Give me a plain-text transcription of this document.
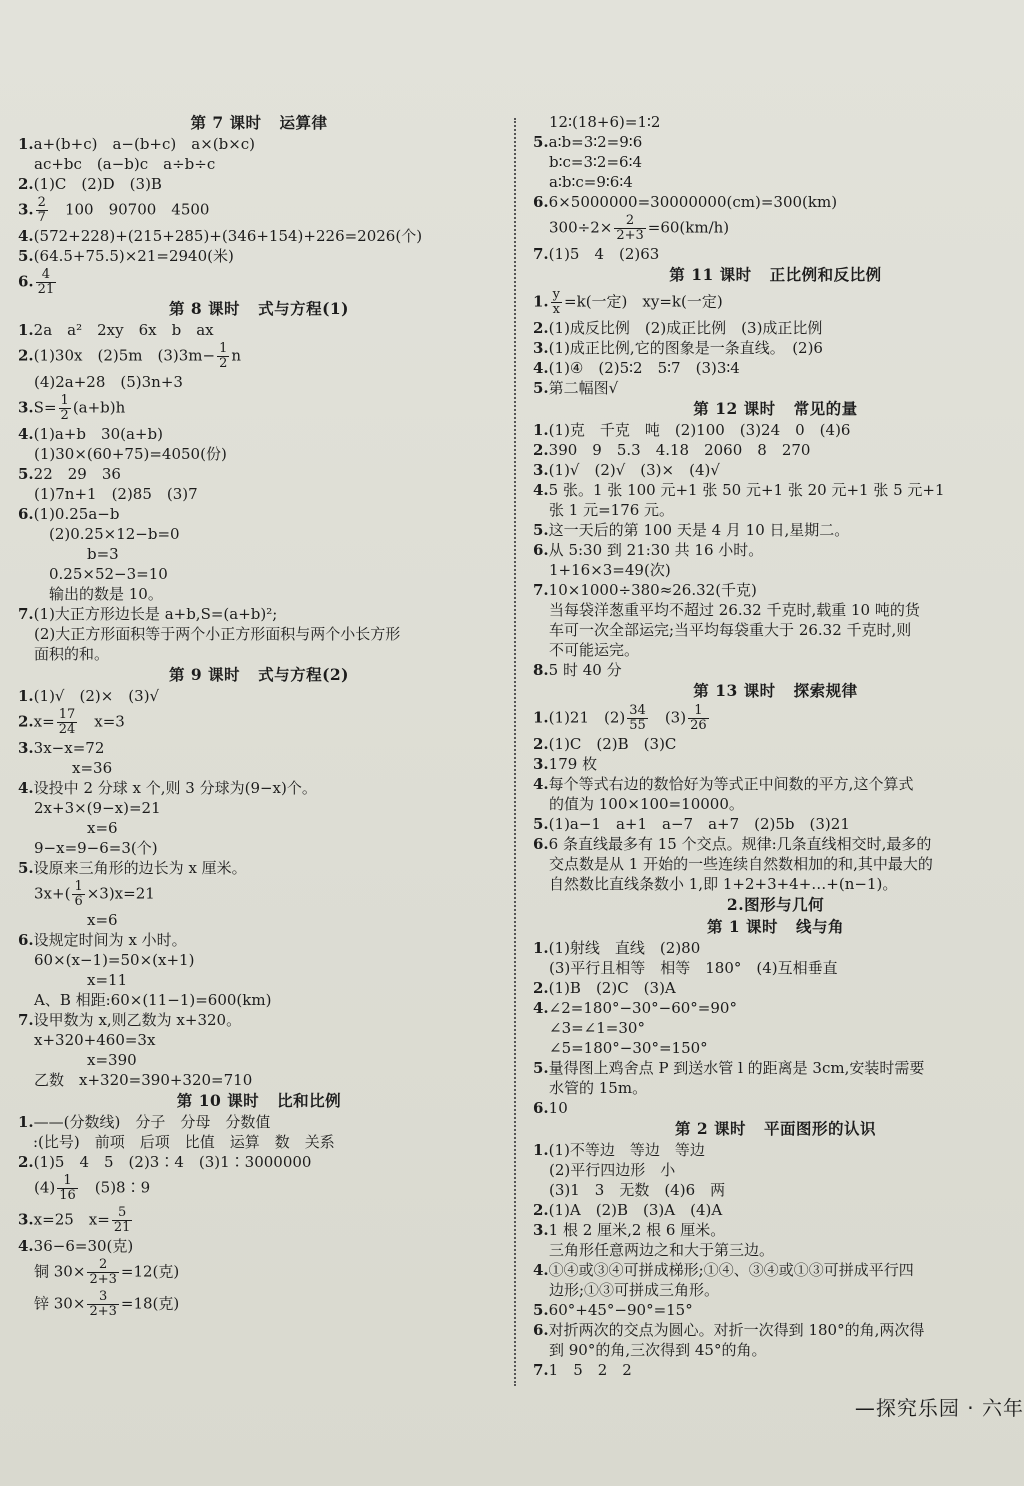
第 7 课时 运算律
1.a+(b+c)　a−(b+c)　a×(b×c)
ac+bc　(a−b)c　a÷b÷c
2.(1)C　(2)D　(3)B
3. $\frac{2}{7}$ 　100　90700　4500
4.(572+228)+(215+285)+(346+154)+226=2026(个)
5.(64.5+75.5)×21=2940(米)
6. $\frac{4}{21}$
第 8 课时 式与方程(1)
1.2a　a²　2xy　6x　b　ax
2.(1)30x　(2)5m　$(3)3m- \frac{1}{2}$ n
(4)2a+28　(5)3n+3
$3.S= \frac{1}{2} (a+b)h$
4.(1)a+b　30(a+b)
(1)30×(60+75)=4050(份)
5.22　29　36
(1)7n+1　(2)85　(3)7
6.(1)0.25a−b
　(2)0.25×12−b=0
　b=3
　0.25×52−3=10
　输出的数是 10。
7.(1)大正方形边长是 a+b,S=(a+b)²;
(2)大正方形面积等于两个小正方形面积与两个小长方形
面积的和。
第 9 课时 式与方程(2)
1.(1)√　(2)×　(3)√
$2.x= \frac{17}{24}$ 　x=3
3.3x−x=72
x=36
4.设投中 2 分球 x 个,则 3 分球为(9−x)个。
2x+3×(9−x)=21
　x=6
9−x=9−6=3(个)
5.设原来三角形的边长为 x 厘米。
$3x+( \frac{1}{6} \times 3)x=21$
　x=6
6.设规定时间为 x 小时。
60×(x−1)=50×(x+1)
　x=11
A、B 相距:60×(11−1)=600(km)
7.设甲数为 x,则乙数为 x+320。
x+320+460=3x
　x=390
乙数　x+320=390+320=710
第 10 课时 比和比例
1.——(分数线)　分子　分母　分数值
　:(比号)　前项　后项　比值　运算　数　关系
2.(1)5　4　5　(2)3∶4　(3)1∶3000000
$(4) \frac{1}{16}$ 　(5)8∶9
3.x=25　$x= \frac{5}{21}$
4.36−6=30(克)
铜 $30\times \frac{2}{2+3} =12$(克)
锌 $30\times \frac{3}{2+3} =18$(克)
12∶(18+6)=1∶2
5.a∶b=3∶2=9∶6
b∶c=3∶2=6∶4
a∶b∶c=9∶6∶4
6.6×5000000=30000000(cm)=300(km)
$300\div 2\times \frac{2}{2+3} =60(km/h)$
7.(1)5　4　(2)63
第 11 课时 正比例和反比例
1. $\frac{y}{x} =k$(一定)　xy=k(一定)
2.(1)成反比例　(2)成正比例　(3)成正比例
3.(1)成正比例,它的图象是一条直线。　(2)6
4.(1)④　(2)5∶2　5∶7　(3)3∶4
5.第二幅图√
第 12 课时 常见的量
1.(1)克　千克　吨　(2)100　(3)24　0　(4)6
2.390　9　5.3　4.18　2060　8　270
3.(1)√　(2)√　(3)×　(4)√
4.5 张。1 张 100 元+1 张 50 元+1 张 20 元+1 张 5 元+1
张 1 元=176 元。
5.这一天后的第 100 天是 4 月 10 日,星期二。
6.从 5:30 到 21:30 共 16 小时。
1+16×3=49(次)
7.10×1000÷380≈26.32(千克)
当每袋洋葱重平均不超过 26.32 千克时,载重 10 吨的货
车可一次全部运完;当平均每袋重大于 26.32 千克时,则
不可能运完。
8.5 时 40 分
第 13 课时 探索规律
1.(1)21　$(2) \frac{34}{55}$ 　$(3) \frac{1}{26}$
2.(1)C　(2)B　(3)C
3.179 枚
4.每个等式右边的数恰好为等式正中间数的平方,这个算式
的值为 100×100=10000。
5.(1)a−1　a+1　a−7　a+7　(2)5b　(3)21
6.6 条直线最多有 15 个交点。规律:几条直线相交时,最多的
交点数是从 1 开始的一些连续自然数相加的和,其中最大的
自然数比直线条数小 1,即 1+2+3+4+…+(n−1)。
2.图形与几何
第 1 课时 线与角
1.(1)射线　直线　(2)80
(3)平行且相等　相等　180°　(4)互相垂直
2.(1)B　(2)C　(3)A
4.∠2=180°−30°−60°=90°
∠3=∠1=30°
∠5=180°−30°=150°
5.量得图上鸡舍点 P 到送水管 l 的距离是 3cm,安装时需要
水管的 15m。
6.10
第 2 课时 平面图形的认识
1.(1)不等边　等边　等边
(2)平行四边形　小
(3)1　3　无数　(4)6　两
2.(1)A　(2)B　(3)A　(4)A
3.1 根 2 厘米,2 根 6 厘米。
三角形任意两边之和大于第三边。
4.①④或③④可拼成梯形;①④、③④或①③可拼成平行四
边形;①③可拼成三角形。
5.60°+45°−90°=15°
6.对折两次的交点为圆心。对折一次得到 180°的角,两次得
到 90°的角,三次得到 45°的角。
7.1　5　2　2
—探究乐园 · 六年
